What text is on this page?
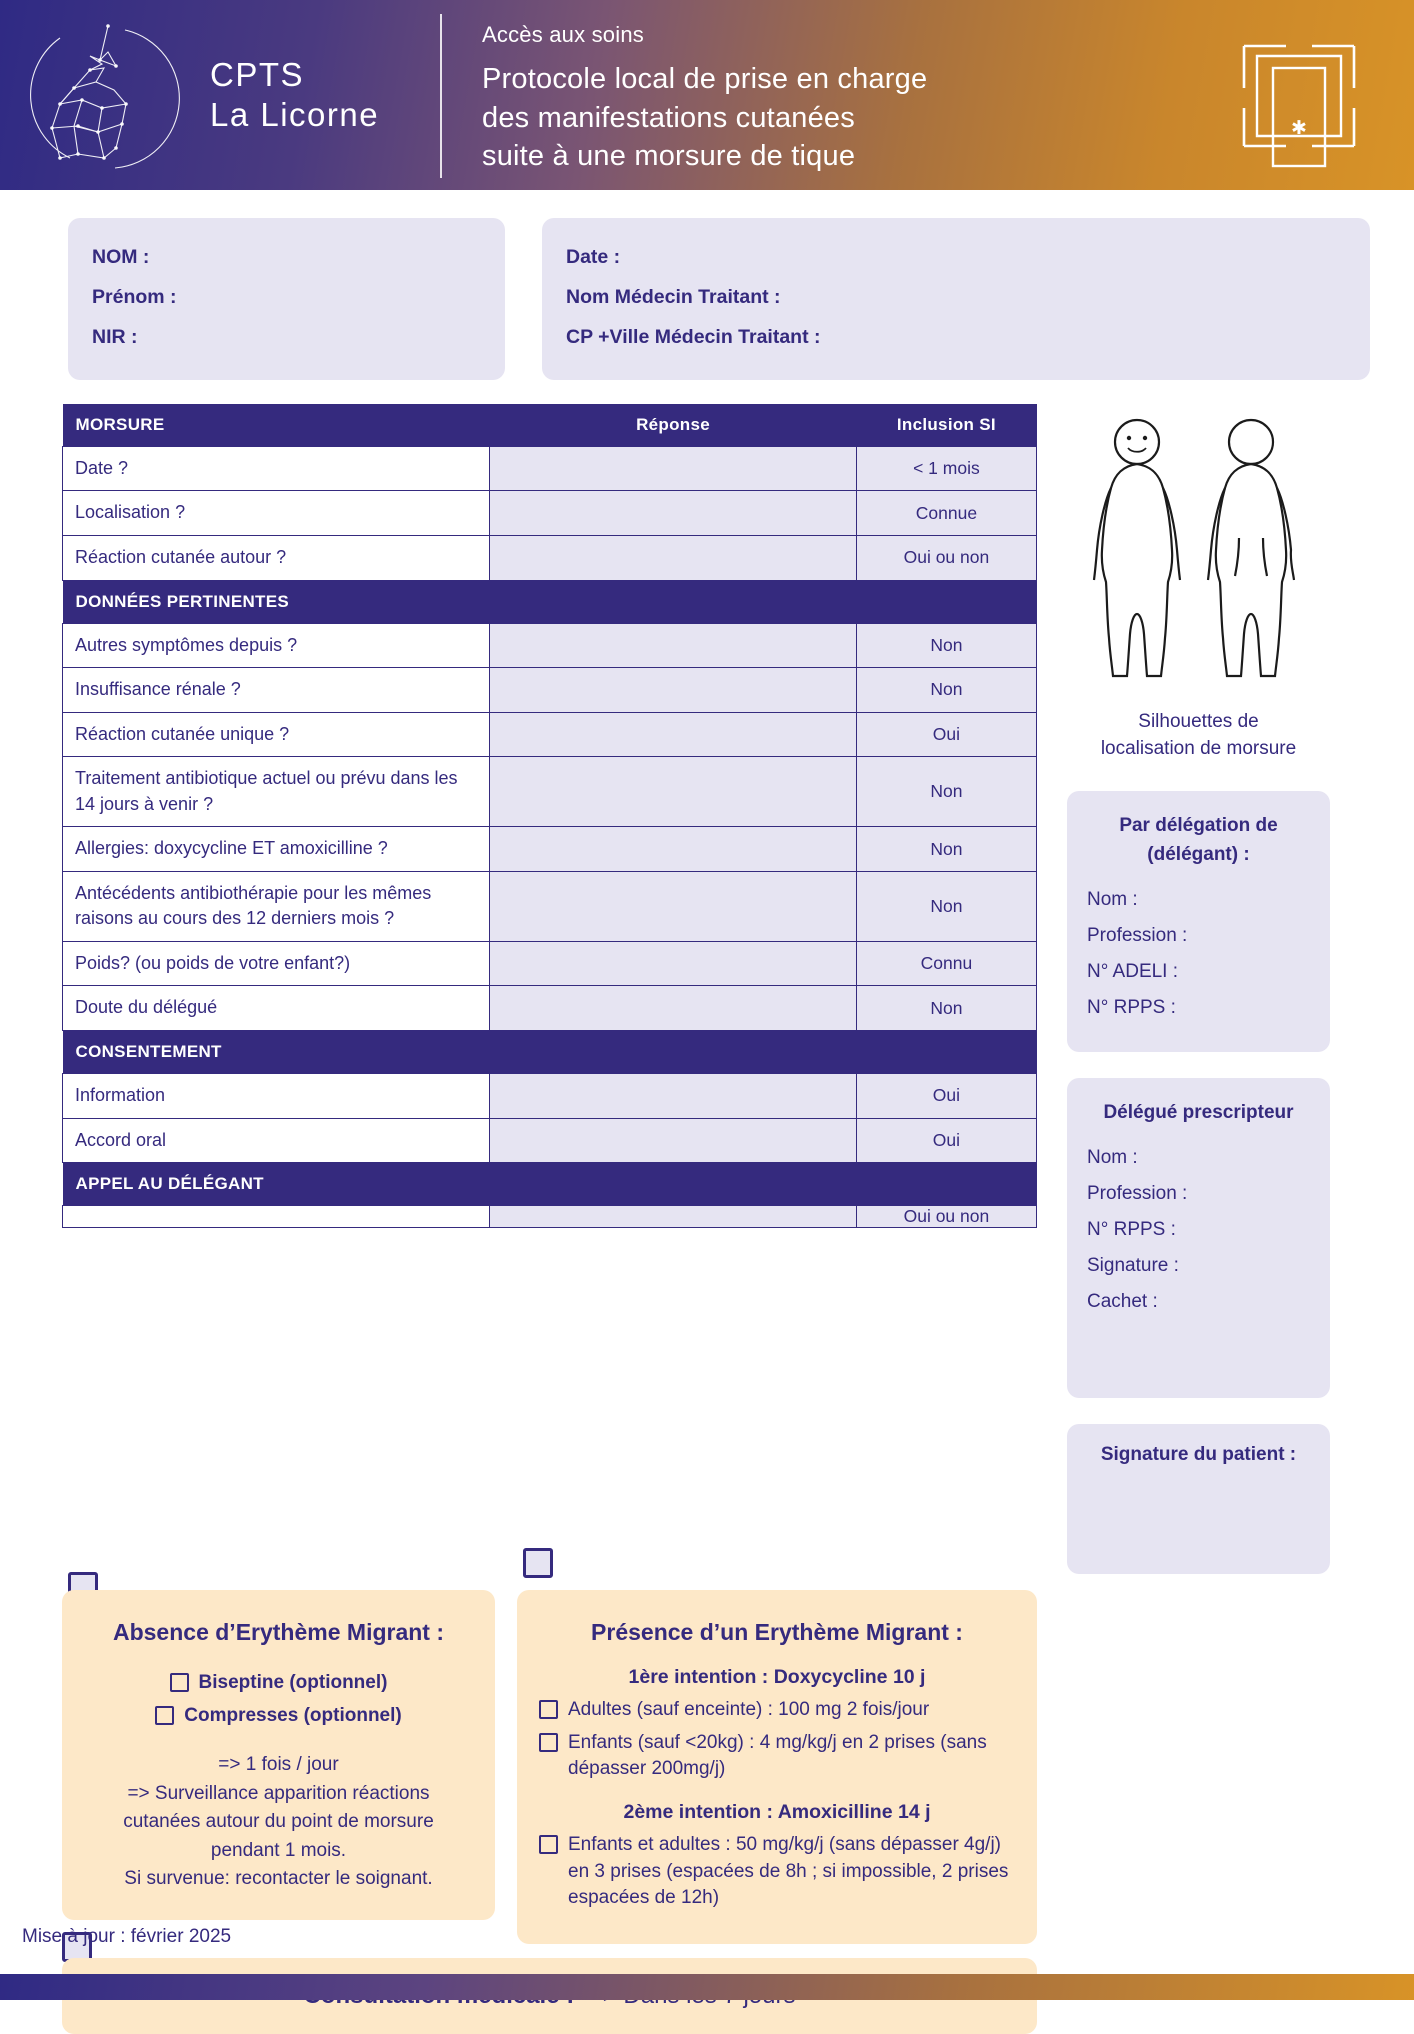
CPTS
La Licorne
Accès aux soins
Protocole local de prise en charge
des manifestations cutanées
suite à une morsure de tique
✱
NOM :
Prénom :
NIR :
Date :
Nom Médecin Traitant :
CP +Ville Médecin Traitant :
MORSURE	Réponse	Inclusion SI
Date ?		< 1 mois
Localisation ?		Connue
Réaction cutanée autour ?		Oui ou non
DONNÉES PERTINENTES		
Autres symptômes depuis ?		Non
Insuffisance rénale ?		Non
Réaction cutanée unique ?		Oui
Traitement antibiotique actuel ou prévu dans les 14 jours à venir ?		Non
Allergies: doxycycline ET amoxicilline ?		Non
Antécédents antibiothérapie pour les mêmes raisons au cours des 12 derniers mois ?		Non
Poids? (ou poids de votre enfant?)		Connu
Doute du délégué		Non
CONSENTEMENT		
Information		Oui
Accord oral		Oui
APPEL AU DÉLÉGANT		
		Oui ou non
Silhouettes de
localisation de morsure
Par délégation de
(délégant) :
Nom :
Profession :
N° ADELI :
N° RPPS :
Délégué prescripteur
Nom :
Profession :
N° RPPS :
Signature :
Cachet :
Signature du patient :
Absence d’Erythème Migrant :
Biseptine (optionnel)
Compresses (optionnel)
=> 1 fois / jour
=> Surveillance apparition réactions
cutanées autour du point de morsure
pendant 1 mois.
Si survenue: recontacter le soignant.
Présence d’un Erythème Migrant :
1ère intention : Doxycycline 10 j
Adultes (sauf enceinte) : 100 mg 2 fois/jour
Enfants (sauf <20kg) : 4 mg/kg/j en 2 prises (sans dépasser 200mg/j)
2ème intention : Amoxicilline 14 j
Enfants et adultes : 50 mg/kg/j (sans dépasser 4g/j) en 3 prises (espacées de 8h ; si impossible, 2 prises espacées de 12h)
Mise à jour : février 2025
